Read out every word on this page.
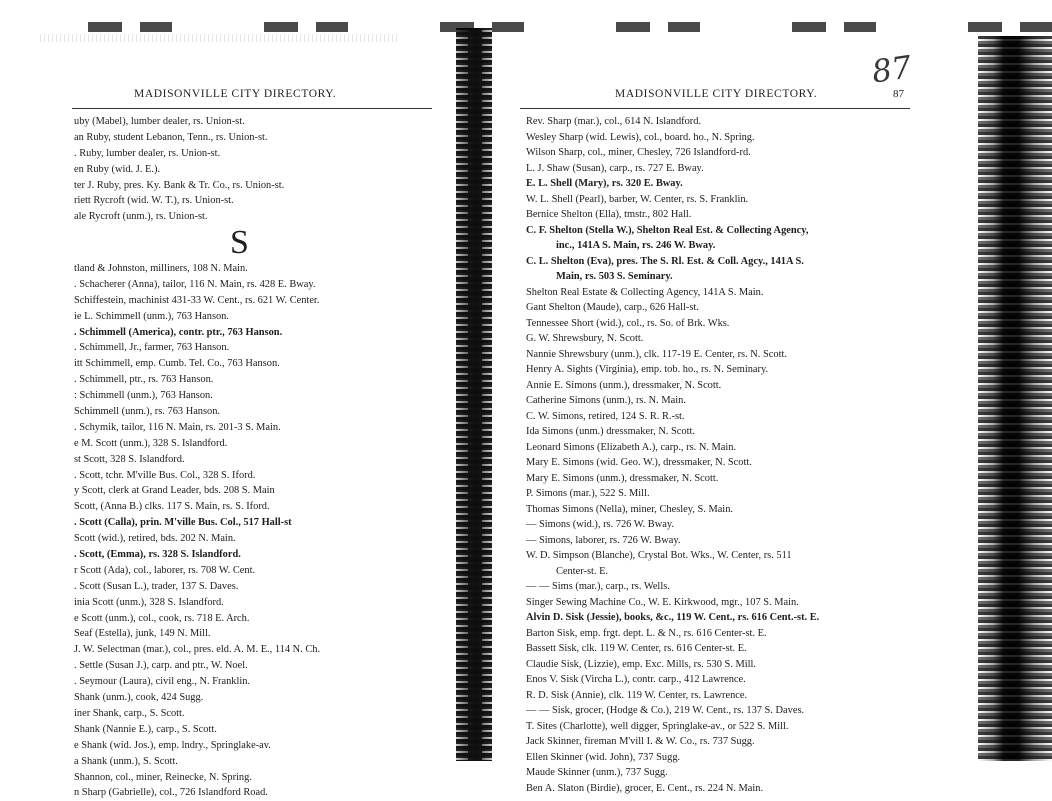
MADISONVILLE CITY DIRECTORY.
uby (Mabel), lumber dealer, rs. Union-st.
an Ruby, student Lebanon, Tenn., rs. Union-st.
. Ruby, lumber dealer, rs. Union-st.
en Ruby (wid. J. E.).
ter J. Ruby, pres. Ky. Bank & Tr. Co., rs. Union-st.
riett Rycroft (wid. W. T.), rs. Union-st.
ale Rycroft (unm.), rs. Union-st.
S
tland & Johnston, milliners, 108 N. Main.
. Schacherer (Anna), tailor, 116 N. Main, rs. 428 E. Bway.
Schiffestein, machinist 431-33 W. Cent., rs. 621 W. Center.
ie L. Schimmell (unm.), 763 Hanson.
. Schimmell (America), contr. ptr., 763 Hanson.
. Schimmell, Jr., farmer, 763 Hanson.
itt Schimmell, emp. Cumb. Tel. Co., 763 Hanson.
. Schimmell, ptr., rs. 763 Hanson.
: Schimmell (unm.), 763 Hanson.
Schimmell (unm.), rs. 763 Hanson.
. Schymik, tailor, 116 N. Main, rs. 201-3 S. Main.
e M. Scott (unm.), 328 S. Islandford.
st Scott, 328 S. Islandford.
. Scott, tchr. M'ville Bus. Col., 328 S. Iford.
y Scott, clerk at Grand Leader, bds. 208 S. Main
Scott, (Anna B.) clks. 117 S. Main, rs. S. Iford.
. Scott (Calla), prin. M'ville Bus. Col., 517 Hall-st
Scott (wid.), retired, bds. 202 N. Main.
. Scott, (Emma), rs. 328 S. Islandford.
r Scott (Ada), col., laborer, rs. 708 W. Cent.
. Scott (Susan L.), trader, 137 S. Daves.
inia Scott (unm.), 328 S. Islandford.
e Scott (unm.), col., cook, rs. 718 E. Arch.
Seaf (Estella), junk, 149 N. Mill.
J. W. Selectman (mar.), col., pres. eld. A. M. E., 114 N. Ch.
. Settle (Susan J.), carp. and ptr., W. Noel.
. Seymour (Laura), civil eng., N. Franklin.
Shank (unm.), cook, 424 Sugg.
iner Shank, carp., S. Scott.
Shank (Nannie E.), carp., S. Scott.
e Shank (wid. Jos.), emp. lndry., Springlake-av.
a Shank (unm.), S. Scott.
Shannon, col., miner, Reinecke, N. Spring.
n Sharp (Gabrielle), col., 726 Islandford Road.
87
MADISONVILLE CITY DIRECTORY.	87
Rev. Sharp (mar.), col., 614 N. Islandford.
Wesley Sharp (wid. Lewis), col., board. ho., N. Spring.
Wilson Sharp, col., miner, Chesley, 726 Islandford-rd.
L. J. Shaw (Susan), carp., rs. 727 E. Bway.
E. L. Shell (Mary), rs. 320 E. Bway.
W. L. Shell (Pearl), barber, W. Center, rs. S. Franklin.
Bernice Shelton (Ella), tmstr., 802 Hall.
C. F. Shelton (Stella W.), Shelton Real Est. & Collecting Agency,
inc., 141A S. Main, rs. 246 W. Bway.
C. L. Shelton (Eva), pres. The S. Rl. Est. & Coll. Agcy., 141A S.
Main, rs. 503 S. Seminary.
Shelton Real Estate & Collecting Agency, 141A S. Main.
Gant Shelton (Maude), carp., 626 Hall-st.
Tennessee Short (wid.), col., rs. So. of Brk. Wks.
G. W. Shrewsbury, N. Scott.
Nannie Shrewsbury (unm.), clk. 117-19 E. Center, rs. N. Scott.
Henry A. Sights (Virginia), emp. tob. ho., rs. N. Seminary.
Annie E. Simons (unm.), dressmaker, N. Scott.
Catherine Simons (unm.), rs. N. Main.
C. W. Simons, retired, 124 S. R. R.-st.
Ida Simons (unm.) dressmaker, N. Scott.
Leonard Simons (Elizabeth A.), carp., rs. N. Main.
Mary E. Simons (wid. Geo. W.), dressmaker, N. Scott.
Mary E. Simons (unm.), dressmaker, N. Scott.
P. Simons (mar.), 522 S. Mill.
Thomas Simons (Nella), miner, Chesley, S. Main.
— Simons (wid.), rs. 726 W. Bway.
— Simons, laborer, rs. 726 W. Bway.
W. D. Simpson (Blanche), Crystal Bot. Wks., W. Center, rs. 511
Center-st. E.
— — Sims (mar.), carp., rs. Wells.
Singer Sewing Machine Co., W. E. Kirkwood, mgr., 107 S. Main.
Alvin D. Sisk (Jessie), books, &c., 119 W. Cent., rs. 616 Cent.-st. E.
Barton Sisk, emp. frgt. dept. L. & N., rs. 616 Center-st. E.
Bassett Sisk, clk. 119 W. Center, rs. 616 Center-st. E.
Claudie Sisk, (Lizzie), emp. Exc. Mills, rs. 530 S. Mill.
Enos V. Sisk (Vircha L.), contr. carp., 412 Lawrence.
R. D. Sisk (Annie), clk. 119 W. Center, rs. Lawrence.
— — Sisk, grocer, (Hodge & Co.), 219 W. Cent., rs. 137 S. Daves.
T. Sites (Charlotte), well digger, Springlake-av., or 522 S. Mill.
Jack Skinner, fireman M'vill I. & W. Co., rs. 737 Sugg.
Ellen Skinner (wid. John), 737 Sugg.
Maude Skinner (unm.), 737 Sugg.
Ben A. Slaton (Birdie), grocer, E. Cent., rs. 224 N. Main.
